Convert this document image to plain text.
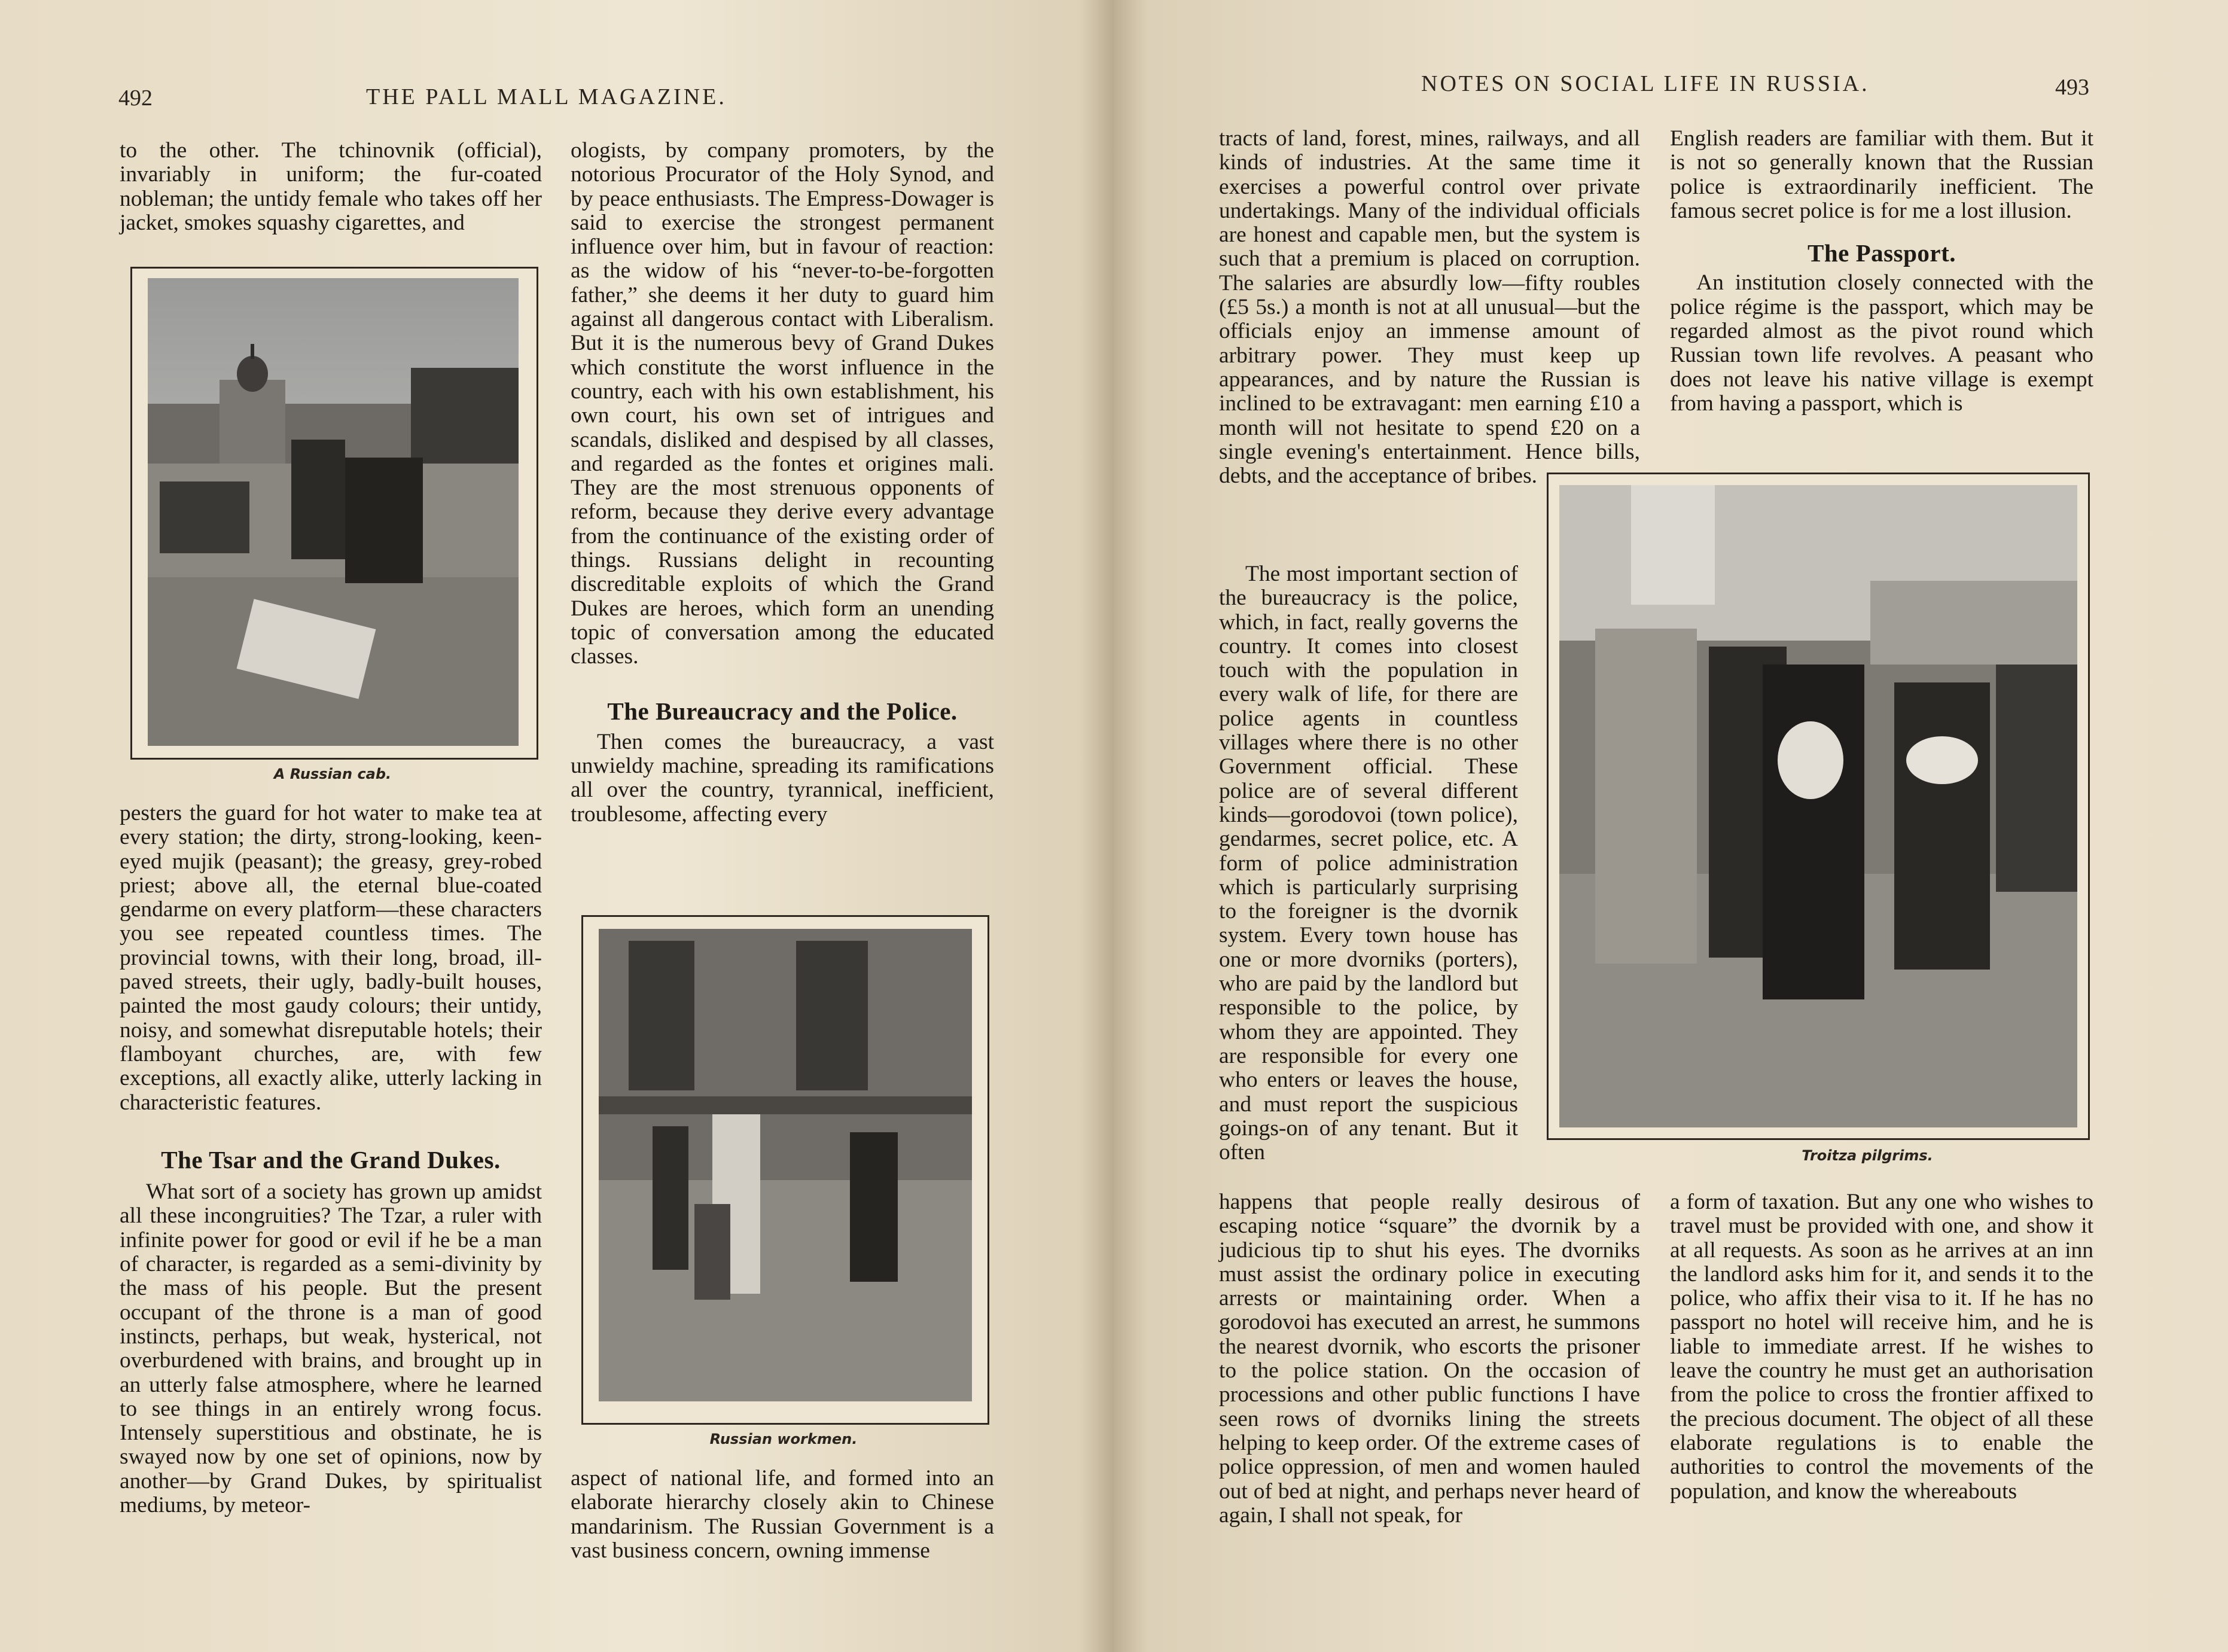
492	THE PALL MALL MAGAZINE.

to the other. The tchinovnik (official), invariably in uniform; the fur-coated nobleman; the untidy female who takes off her jacket, smokes squashy cigarettes, and

A Russian cab.

pesters the guard for hot water to make tea at every station; the dirty, strong-looking, keen-eyed mujik (peasant); the greasy, grey-robed priest; above all, the eternal blue-coated gendarme on every platform—these characters you see repeated countless times. The provincial towns, with their long, broad, ill-paved streets, their ugly, badly-built houses, painted the most gaudy colours; their untidy, noisy, and somewhat disreputable hotels; their flamboyant churches, are, with few exceptions, all exactly alike, utterly lacking in characteristic features.

The Tsar and the Grand Dukes.

What sort of a society has grown up amidst all these incongruities? The Tzar, a ruler with infinite power for good or evil if he be a man of character, is regarded as a semi-divinity by the mass of his people. But the present occupant of the throne is a man of good instincts, perhaps, but weak, hysterical, not overburdened with brains, and brought up in an utterly false atmosphere, where he learned to see things in an entirely wrong focus. Intensely superstitious and obstinate, he is swayed now by one set of opinions, now by another—by Grand Dukes, by spiritualist mediums, by meteor-

ologists, by company promoters, by the notorious Procurator of the Holy Synod, and by peace enthusiasts. The Empress-Dowager is said to exercise the strongest permanent influence over him, but in favour of reaction: as the widow of his “never-to-be-forgotten father,” she deems it her duty to guard him against all dangerous contact with Liberalism. But it is the numerous bevy of Grand Dukes which constitute the worst influence in the country, each with his own establishment, his own court, his own set of intrigues and scandals, disliked and despised by all classes, and regarded as the fontes et origines mali. They are the most strenuous opponents of reform, because they derive every advantage from the continuance of the existing order of things. Russians delight in recounting discreditable exploits of which the Grand Dukes are heroes, which form an unending topic of conversation among the educated classes.

The Bureaucracy and the Police.

Then comes the bureaucracy, a vast unwieldy machine, spreading its ramifications all over the country, tyrannical, inefficient, troublesome, affecting every

Russian workmen.

aspect of national life, and formed into an elaborate hierarchy closely akin to Chinese mandarinism. The Russian Government is a vast business concern, owning immense

NOTES ON SOCIAL LIFE IN RUSSIA.	493

tracts of land, forest, mines, railways, and all kinds of industries. At the same time it exercises a powerful control over private undertakings. Many of the individual officials are honest and capable men, but the system is such that a premium is placed on corruption. The salaries are absurdly low—fifty roubles (£5 5s.) a month is not at all unusual—but the officials enjoy an immense amount of arbitrary power. They must keep up appearances, and by nature the Russian is inclined to be extravagant: men earning £10 a month will not hesitate to spend £20 on a single evening's entertainment. Hence bills, debts, and the acceptance of bribes.

The most important section of the bureaucracy is the police, which, in fact, really governs the country. It comes into closest touch with the population in every walk of life, for there are police agents in countless villages where there is no other Government official. These police are of several different kinds—gorodovoi (town police), gendarmes, secret police, etc. A form of police administration which is particularly surprising to the foreigner is the dvornik system. Every town house has one or more dvorniks (porters), who are paid by the landlord but responsible to the police, by whom they are appointed. They are responsible for every one who enters or leaves the house, and must report the suspicious goings-on of any tenant. But it often

happens that people really desirous of escaping notice “square” the dvornik by a judicious tip to shut his eyes. The dvorniks must assist the ordinary police in executing arrests or maintaining order. When a gorodovoi has executed an arrest, he summons the nearest dvornik, who escorts the prisoner to the police station. On the occasion of processions and other public functions I have seen rows of dvorniks lining the streets helping to keep order. Of the extreme cases of police oppression, of men and women hauled out of bed at night, and perhaps never heard of again, I shall not speak, for

English readers are familiar with them. But it is not so generally known that the Russian police is extraordinarily inefficient. The famous secret police is for me a lost illusion.

The Passport.

An institution closely connected with the police régime is the passport, which may be regarded almost as the pivot round which Russian town life revolves. A peasant who does not leave his native village is exempt from having a passport, which is

Troitza pilgrims.

a form of taxation. But any one who wishes to travel must be provided with one, and show it at all requests. As soon as he arrives at an inn the landlord asks him for it, and sends it to the police, who affix their visa to it. If he has no passport no hotel will receive him, and he is liable to immediate arrest. If he wishes to leave the country he must get an authorisation from the police to cross the frontier affixed to the precious document. The object of all these elaborate regulations is to enable the authorities to control the movements of the population, and know the whereabouts
